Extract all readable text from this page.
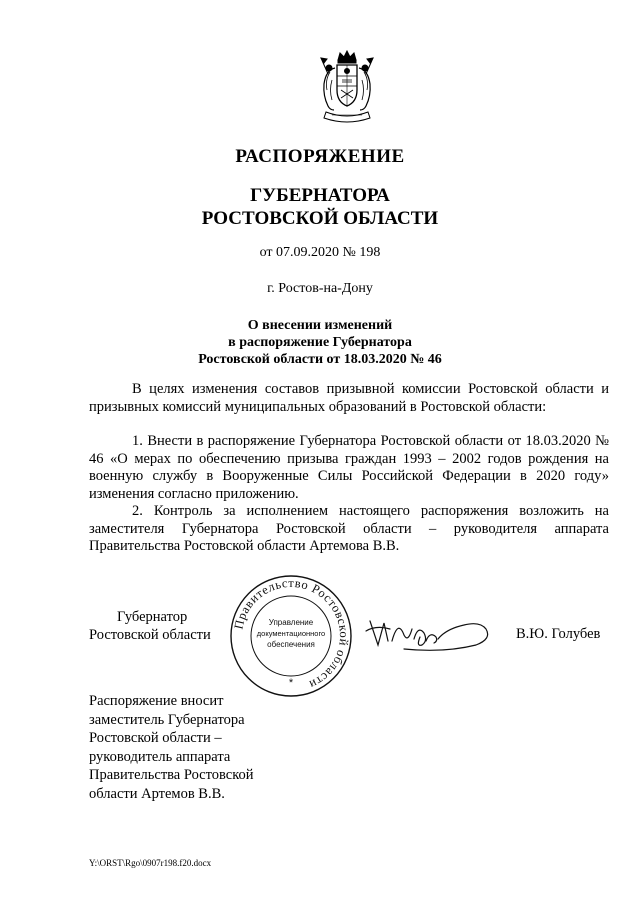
РАСПОРЯЖЕНИЕ
ГУБЕРНАТОРА
РОСТОВСКОЙ ОБЛАСТИ
от 07.09.2020 № 198
г. Ростов-на-Дону
О внесении изменений
в распоряжение Губернатора
Ростовской области от 18.03.2020 № 46

В целях изменения составов призывной комиссии Ростовской области и призывных комиссий муниципальных образований в Ростовской области:

1. Внести в распоряжение Губернатора Ростовской области от 18.03.2020 № 46 «О мерах по обеспечению призыва граждан 1993 – 2002 годов рождения на военную службу в Вооруженные Силы Российской Федерации в 2020 году» изменения согласно приложению.

2. Контроль за исполнением настоящего распоряжения возложить на заместителя Губернатора Ростовской области – руководителя аппарата Правительства Ростовской области Артемова В.В.

Губернатор
Ростовской области
Правительство Ростовской области
Управление
документационного
обеспечения
*
В.Ю. Голубев
Распоряжение вносит
заместитель Губернатора
Ростовской области –
руководитель аппарата
Правительства Ростовской
области Артемов В.В.
Y:\ORST\Rgo\0907r198.f20.docx
